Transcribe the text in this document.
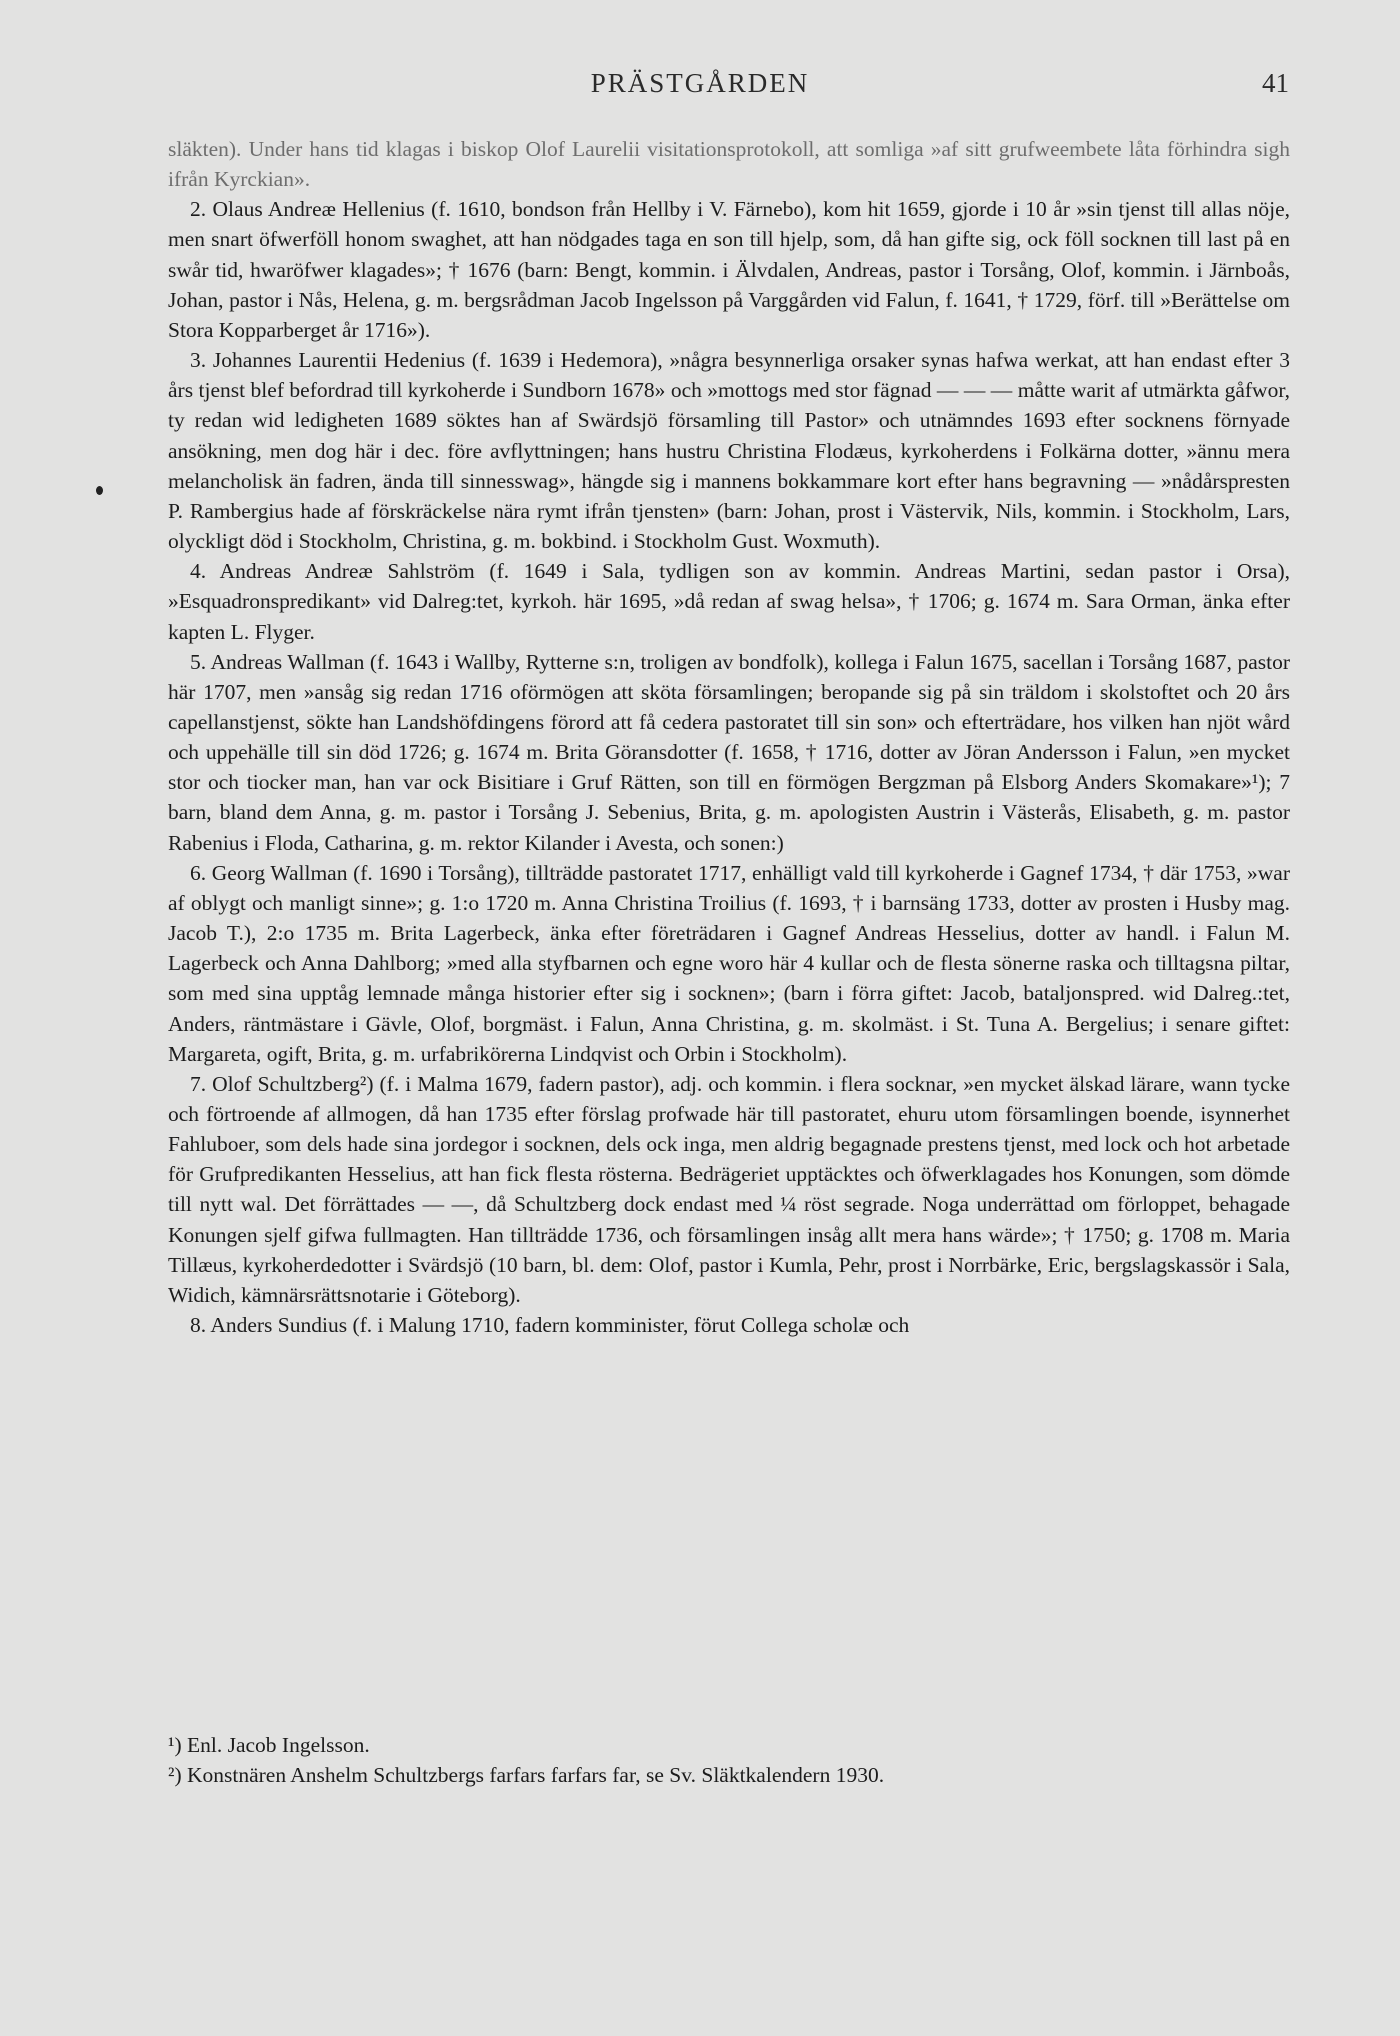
PRÄSTGÅRDEN	41

släkten). Under hans tid klagas i biskop Olof Laurelii visitationsprotokoll, att somliga »af sitt grufweembete låta förhindra sigh ifrån Kyrckian».

2. Olaus Andreæ Hellenius (f. 1610, bondson från Hellby i V. Färnebo), kom hit 1659, gjorde i 10 år »sin tjenst till allas nöje, men snart öfwerföll honom swaghet, att han nödgades taga en son till hjelp, som, då han gifte sig, ock föll socknen till last på en swår tid, hwaröfwer klagades»; † 1676 (barn: Bengt, kommin. i Älvdalen, Andreas, pastor i Torsång, Olof, kommin. i Järnboås, Johan, pastor i Nås, Helena, g. m. bergsrådman Jacob Ingelsson på Varggården vid Falun, f. 1641, † 1729, förf. till »Berättelse om Stora Kopparberget år 1716»).

3. Johannes Laurentii Hedenius (f. 1639 i Hedemora), »några besynnerliga orsaker synas hafwa werkat, att han endast efter 3 års tjenst blef befordrad till kyrkoherde i Sundborn 1678» och »mottogs med stor fägnad — — — måtte warit af utmärkta gåfwor, ty redan wid ledigheten 1689 söktes han af Swärdsjö församling till Pastor» och utnämndes 1693 efter socknens förnyade ansökning, men dog här i dec. före avflyttningen; hans hustru Christina Flodæus, kyrkoherdens i Folkärna dotter, »ännu mera melancholisk än fadren, ända till sinnesswag», hängde sig i mannens bokkammare kort efter hans begravning — »nådårspresten P. Rambergius hade af förskräckelse nära rymt ifrån tjensten» (barn: Johan, prost i Västervik, Nils, kommin. i Stockholm, Lars, olyckligt död i Stockholm, Christina, g. m. bokbind. i Stockholm Gust. Woxmuth).

4. Andreas Andreæ Sahlström (f. 1649 i Sala, tydligen son av kommin. Andreas Martini, sedan pastor i Orsa), »Esquadronspredikant» vid Dalreg:tet, kyrkoh. här 1695, »då redan af swag helsa», † 1706; g. 1674 m. Sara Orman, änka efter kapten L. Flyger.

5. Andreas Wallman (f. 1643 i Wallby, Rytterne s:n, troligen av bondfolk), kollega i Falun 1675, sacellan i Torsång 1687, pastor här 1707, men »ansåg sig redan 1716 oförmögen att sköta församlingen; beropande sig på sin träldom i skolstoftet och 20 års capellanstjenst, sökte han Landshöfdingens förord att få cedera pastoratet till sin son» och efterträdare, hos vilken han njöt wård och uppehälle till sin död 1726; g. 1674 m. Brita Göransdotter (f. 1658, † 1716, dotter av Jöran Andersson i Falun, »en mycket stor och tiocker man, han var ock Bisitiare i Gruf Rätten, son till en förmögen Bergzman på Elsborg Anders Skomakare»¹); 7 barn, bland dem Anna, g. m. pastor i Torsång J. Sebenius, Brita, g. m. apologisten Austrin i Västerås, Elisabeth, g. m. pastor Rabenius i Floda, Catharina, g. m. rektor Kilander i Avesta, och sonen:)

6. Georg Wallman (f. 1690 i Torsång), tillträdde pastoratet 1717, enhälligt vald till kyrkoherde i Gagnef 1734, † där 1753, »war af oblygt och manligt sinne»; g. 1:o 1720 m. Anna Christina Troilius (f. 1693, † i barnsäng 1733, dotter av prosten i Husby mag. Jacob T.), 2:o 1735 m. Brita Lagerbeck, änka efter företrädaren i Gagnef Andreas Hesselius, dotter av handl. i Falun M. Lagerbeck och Anna Dahlborg; »med alla styfbarnen och egne woro här 4 kullar och de flesta sönerne raska och tilltagsna piltar, som med sina upptåg lemnade många historier efter sig i socknen»; (barn i förra giftet: Jacob, bataljonspred. wid Dalreg.:tet, Anders, räntmästare i Gävle, Olof, borgmäst. i Falun, Anna Christina, g. m. skolmäst. i St. Tuna A. Bergelius; i senare giftet: Margareta, ogift, Brita, g. m. urfabrikörerna Lindqvist och Orbin i Stockholm).

7. Olof Schultzberg²) (f. i Malma 1679, fadern pastor), adj. och kommin. i flera socknar, »en mycket älskad lärare, wann tycke och förtroende af allmogen, då han 1735 efter förslag profwade här till pastoratet, ehuru utom församlingen boende, isynnerhet Fahluboer, som dels hade sina jordegor i socknen, dels ock inga, men aldrig begagnade prestens tjenst, med lock och hot arbetade för Grufpredikanten Hesselius, att han fick flesta rösterna. Bedrägeriet upptäcktes och öfwerklagades hos Konungen, som dömde till nytt wal. Det förrättades — —, då Schultzberg dock endast med ¼ röst segrade. Noga underrättad om förloppet, behagade Konungen sjelf gifwa fullmagten. Han tillträdde 1736, och församlingen insåg allt mera hans wärde»; † 1750; g. 1708 m. Maria Tillæus, kyrkoherdedotter i Svärdsjö (10 barn, bl. dem: Olof, pastor i Kumla, Pehr, prost i Norrbärke, Eric, bergslagskassör i Sala, Widich, kämnärsrättsnotarie i Göteborg).

8. Anders Sundius (f. i Malung 1710, fadern komminister, förut Collega scholæ och

¹) Enl. Jacob Ingelsson.

²) Konstnären Anshelm Schultzbergs farfars farfars far, se Sv. Släktkalendern 1930.
